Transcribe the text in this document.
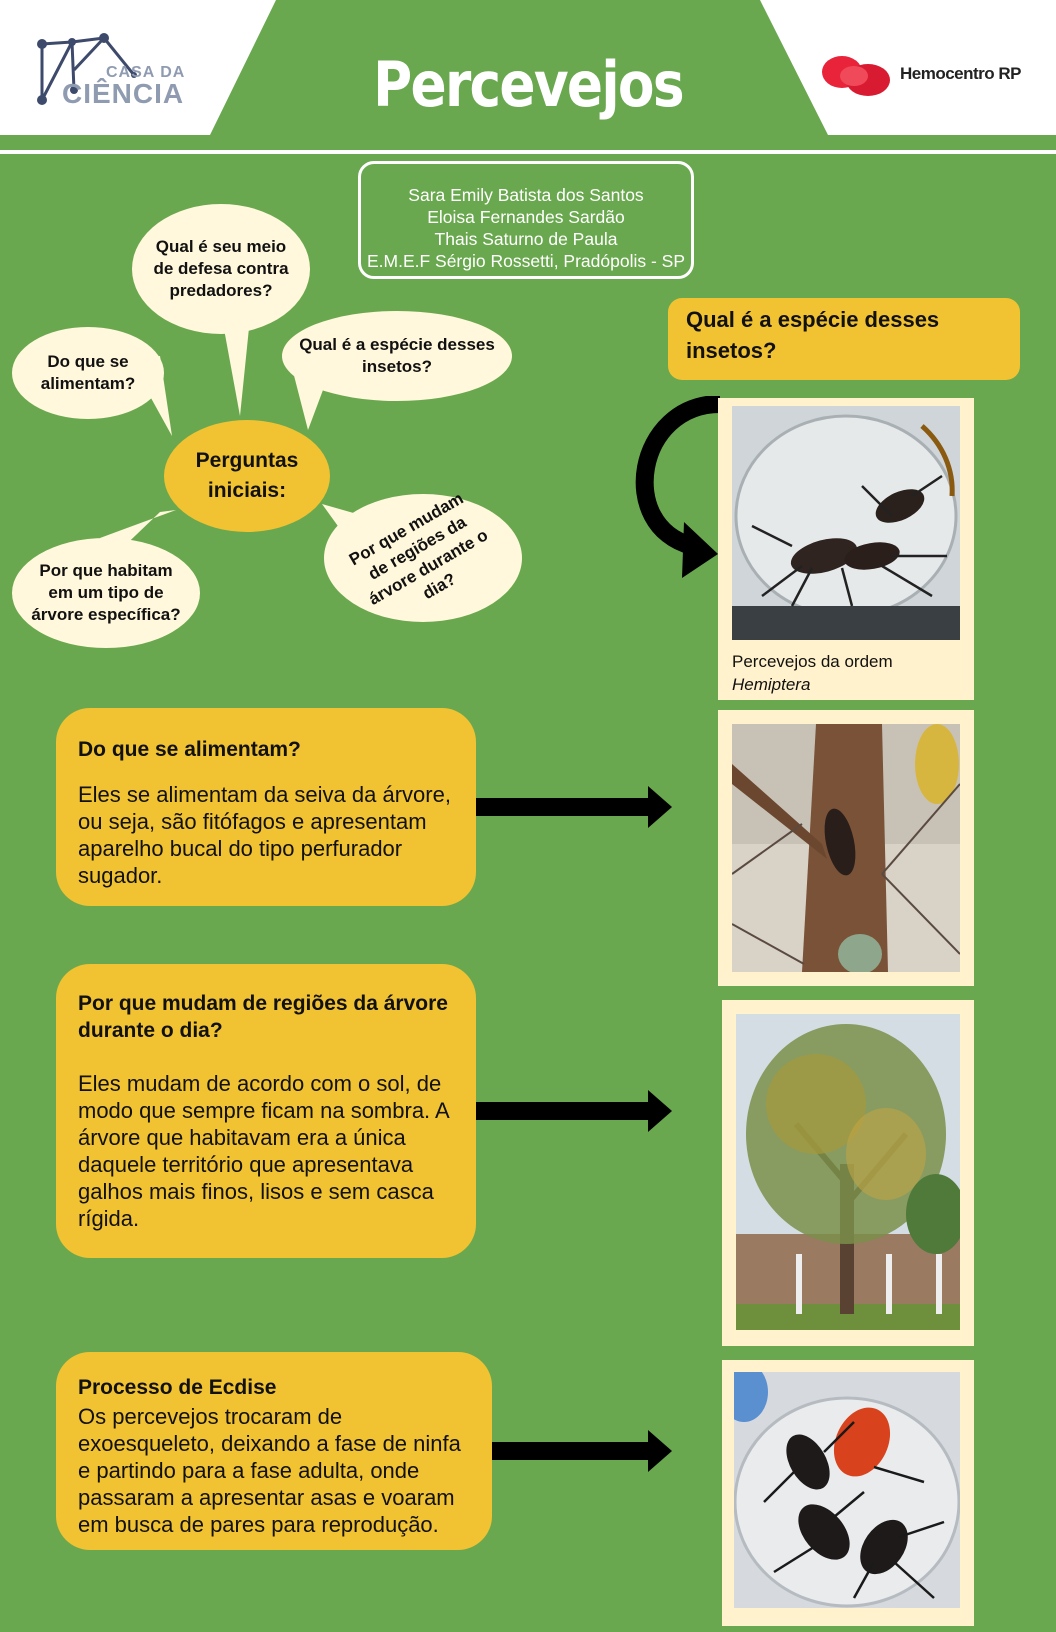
CASA DA
CIÊNCIA	Percevejos	Hemocentro RP
Sara Emily Batista dos Santos
Eloisa Fernandes Sardão
Thais Saturno de Paula
E.M.E.F Sérgio Rossetti, Pradópolis - SP
Qual é seu meio de defesa contra predadores?
Do que se alimentam?
Qual é a espécie desses insetos?
Por que habitam em um tipo de árvore específica?
Por que mudam de regiões da árvore durante o dia?
Perguntas iniciais:
Qual é a espécie desses insetos?
Percevejos da ordem
Hemiptera
Do que se alimentam?
Eles se alimentam da seiva da árvore, ou seja, são fitófagos e apresentam aparelho bucal do tipo perfurador sugador.
Por que mudam de regiões da árvore durante o dia?
Eles mudam de acordo com o sol, de modo que sempre ficam na sombra. A árvore que habitavam era a única daquele território que apresentava galhos mais finos, lisos e sem casca rígida.
Processo de Ecdise
Os percevejos trocaram de exoesqueleto, deixando a fase de ninfa e partindo para a fase adulta, onde passaram a apresentar asas e voaram em busca de pares para reprodução.
